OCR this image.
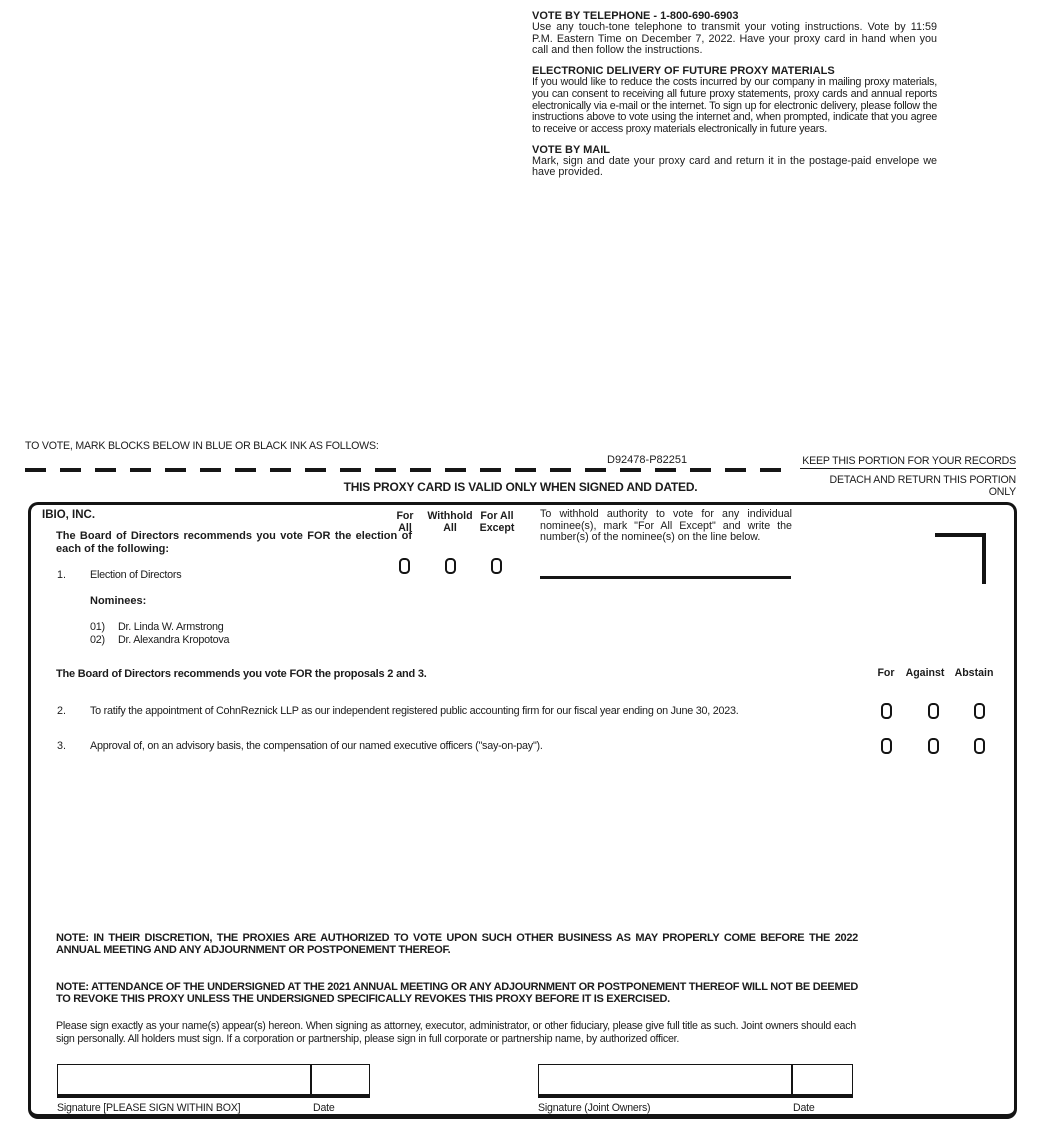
VOTE BY TELEPHONE - 1-800-690-6903
Use any touch-tone telephone to transmit your voting instructions. Vote by 11:59 P.M. Eastern Time on December 7, 2022. Have your proxy card in hand when you call and then follow the instructions.
ELECTRONIC DELIVERY OF FUTURE PROXY MATERIALS
If you would like to reduce the costs incurred by our company in mailing proxy materials, you can consent to receiving all future proxy statements, proxy cards and annual reports electronically via e-mail or the internet. To sign up for electronic delivery, please follow the instructions above to vote using the internet and, when prompted, indicate that you agree to receive or access proxy materials electronically in future years.
VOTE BY MAIL
Mark, sign and date your proxy card and return it in the postage-paid envelope we have provided.
TO VOTE, MARK BLOCKS BELOW IN BLUE OR BLACK INK AS FOLLOWS:
D92478-P82251	KEEP THIS PORTION FOR YOUR RECORDS
DETACH AND RETURN THIS PORTION ONLY
THIS PROXY CARD IS VALID ONLY WHEN SIGNED AND DATED.
IBIO, INC.
The Board of Directors recommends you vote FOR the election of each of the following:
For
All
Withhold
All
For All
Except
To withhold authority to vote for any individual nominee(s), mark "For All Except" and write the number(s) of the nominee(s) on the line below.
1. Election of Directors
Nominees:
01) Dr. Linda W. Armstrong
02) Dr. Alexandra Kropotova
The Board of Directors recommends you vote FOR the proposals 2 and 3.	For	Against Abstain
2. To ratify the appointment of CohnReznick LLP as our independent registered public accounting firm for our fiscal year ending on June 30, 2023.
3. Approval of, on an advisory basis, the compensation of our named executive officers ("say-on-pay").
NOTE: IN THEIR DISCRETION, THE PROXIES ARE AUTHORIZED TO VOTE UPON SUCH OTHER BUSINESS AS MAY PROPERLY COME BEFORE THE 2022 ANNUAL MEETING AND ANY ADJOURNMENT OR POSTPONEMENT THEREOF.
NOTE: ATTENDANCE OF THE UNDERSIGNED AT THE 2021 ANNUAL MEETING OR ANY ADJOURNMENT OR POSTPONEMENT THEREOF WILL NOT BE DEEMED TO REVOKE THIS PROXY UNLESS THE UNDERSIGNED SPECIFICALLY REVOKES THIS PROXY BEFORE IT IS EXERCISED.
Please sign exactly as your name(s) appear(s) hereon. When signing as attorney, executor, administrator, or other fiduciary, please give full title as such. Joint owners should each sign personally. All holders must sign. If a corporation or partnership, please sign in full corporate or partnership name, by authorized officer.
Signature [PLEASE SIGN WITHIN BOX]	Date	Signature (Joint Owners)	Date
